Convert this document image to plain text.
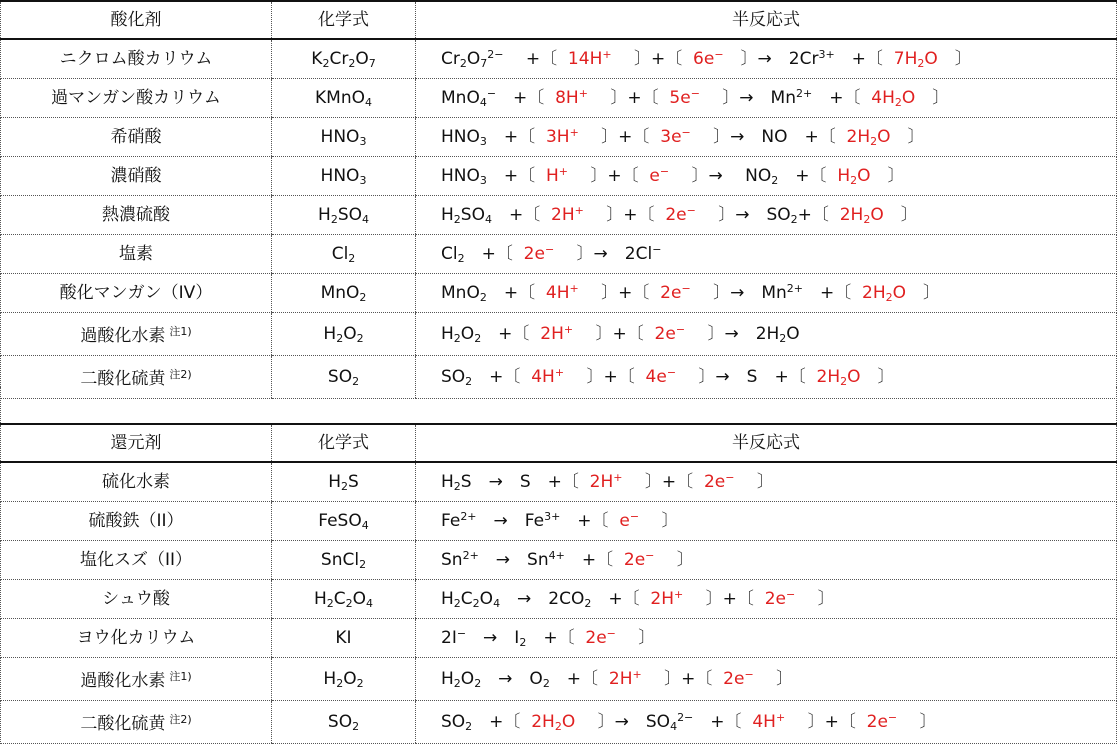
酸化剤	化学式	半反応式
ニクロム酸カリウム	$K_2Cr_2O_7$	$Cr_2O_7^{2-}$　 +〔  14H+ 　〕+〔  6e−　〕→　$2Cr^{3+}$　+〔  $7H_2O$　〕
過マンガン酸カリウム	KMnO$_4$	MnO$_4$−　+〔  8H+ 　〕+〔  5e− 　〕→　$Mn^{2+}$　+〔  $4H_2O$　〕
希硝酸	$HNO_3$	$HNO_3$　+〔  3H+ 　〕+〔  3e− 　〕→　NO　+〔  $2H_2O$　〕
濃硝酸	$HNO_3$	$HNO_3$　+〔  H+ 　〕+〔  e− 　〕→　 $NO_2$　+〔  $H_2O$　〕
熱濃硫酸	$H_2SO_4$	$H_2SO_4$　+〔  2H+ 　〕+〔  2e− 　〕→　$SO_2+$〔  $2H_2O$　〕
塩素	$Cl_2$	$Cl_2$　+〔  2e− 　〕→　2Cl−
酸化マンガン（IV）	MnO$_2$	MnO$_2$　+〔  4H+ 　〕+〔  2e− 　〕→　$Mn^{2+}$　+〔  $2H_2O$　〕
過酸化水素 $^{注1)}$	$H_2O_2$	$H_2O_2$　+〔  2H+ 　〕+〔  2e− 　〕→　$2H_2O$
二酸化硫黄 $^{注2)}$	$SO_2$	$SO_2$　+〔  4H+ 　〕+〔  4e− 　〕→　S　+〔  $2H_2O$　〕
還元剤	化学式	半反応式
硫化水素	$H_2S$	$H_2S$　→　S　+〔  2H+ 　〕+〔  2e− 　〕
硫酸鉄（II）	FeSO$_4$	$Fe^{2+}$　→　$Fe^{3+}$　+〔  e− 　〕
塩化スズ（II）	SnCl$_2$	$Sn^{2+}$　→　$Sn^{4+}$　+〔  2e− 　〕
シュウ酸	$H_2C_2O_4$	$H_2C_2O_4$　→　$2CO_2$　+〔  2H+ 　〕+〔  2e− 　〕
ヨウ化カリウム	KI	2I−　→　$I_2$　+〔  2e− 　〕
過酸化水素 $^{注1)}$	$H_2O_2$	$H_2O_2$　→　$O_2$　+〔  2H+ 　〕+〔  2e− 　〕
二酸化硫黄 $^{注2)}$	$SO_2$	$SO_2$　+〔  $2H_2O$ 　〕→　$SO_4^{2-}$　+〔  4H+ 　〕+〔  2e− 　〕
